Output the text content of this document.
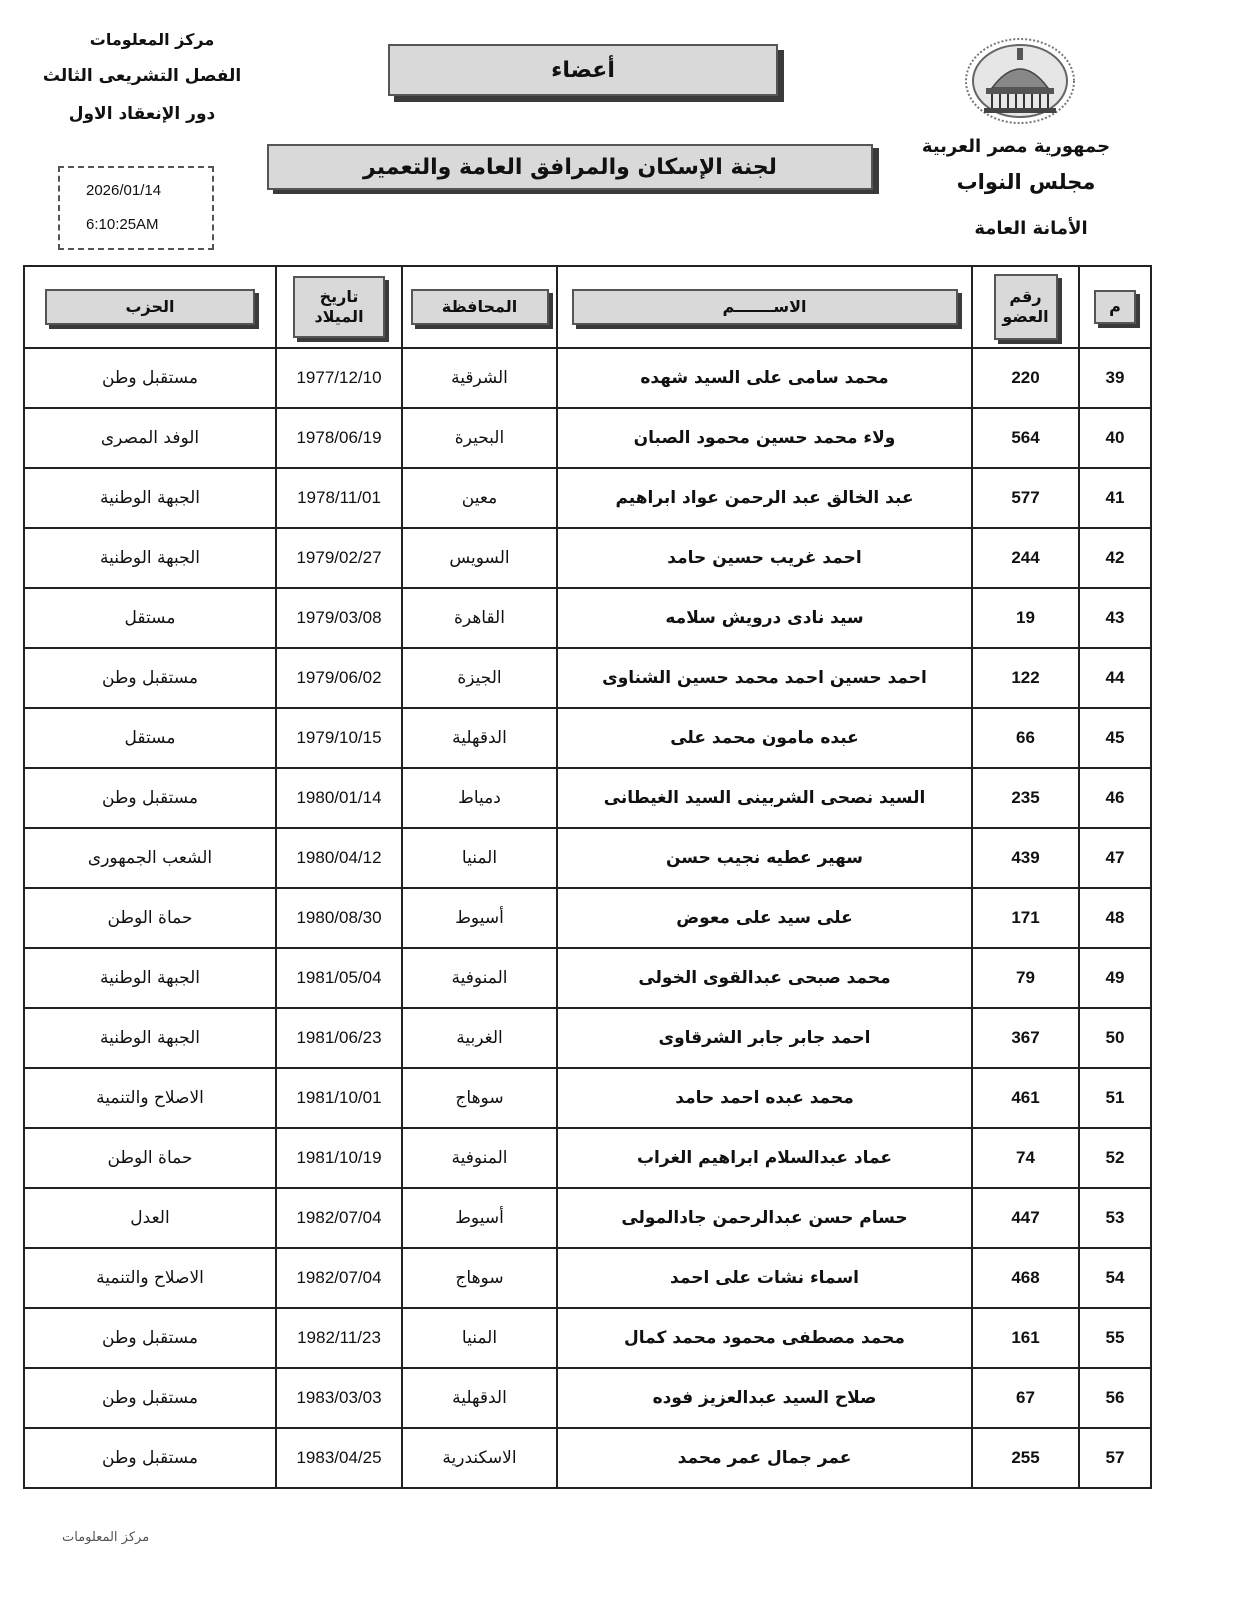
مركز المعلومات
الفصل التشريعى الثالث
دور الإنعقاد الاول
2026/01/14
6:10:25AM
أعضاء
لجنة الإسكان والمرافق العامة والتعمير
جمهورية مصر العربية
مجلس النواب
الأمانة العامة
م	رقم العضو	الاســـــــم	المحافظة	تاريخ الميلاد	الحزب
39	220	محمد سامى على السيد شهده	الشرقية	1977/12/10	مستقبل وطن
40	564	ولاء محمد حسين محمود الصبان	البحيرة	1978/06/19	الوفد المصرى
41	577	عبد الخالق عبد الرحمن عواد ابراهيم	معين	1978/11/01	الجبهة الوطنية
42	244	احمد غريب حسين حامد	السويس	1979/02/27	الجبهة الوطنية
43	19	سيد نادى درويش سلامه	القاهرة	1979/03/08	مستقل
44	122	احمد حسين احمد محمد حسين الشناوى	الجيزة	1979/06/02	مستقبل وطن
45	66	عبده مامون محمد على	الدقهلية	1979/10/15	مستقل
46	235	السيد نصحى الشربينى السيد الغيطانى	دمياط	1980/01/14	مستقبل وطن
47	439	سهير عطيه نجيب حسن	المنيا	1980/04/12	الشعب الجمهورى
48	171	على سيد على معوض	أسيوط	1980/08/30	حماة الوطن
49	79	محمد صبحى عبدالقوى الخولى	المنوفية	1981/05/04	الجبهة الوطنية
50	367	احمد جابر جابر الشرقاوى	الغربية	1981/06/23	الجبهة الوطنية
51	461	محمد عبده احمد حامد	سوهاج	1981/10/01	الاصلاح والتنمية
52	74	عماد عبدالسلام ابراهيم الغراب	المنوفية	1981/10/19	حماة الوطن
53	447	حسام حسن عبدالرحمن جادالمولى	أسيوط	1982/07/04	العدل
54	468	اسماء نشات على احمد	سوهاج	1982/07/04	الاصلاح والتنمية
55	161	محمد مصطفى محمود محمد كمال	المنيا	1982/11/23	مستقبل وطن
56	67	صلاح السيد عبدالعزيز فوده	الدقهلية	1983/03/03	مستقبل وطن
57	255	عمر جمال عمر محمد	الاسكندرية	1983/04/25	مستقبل وطن
مركز المعلومات
